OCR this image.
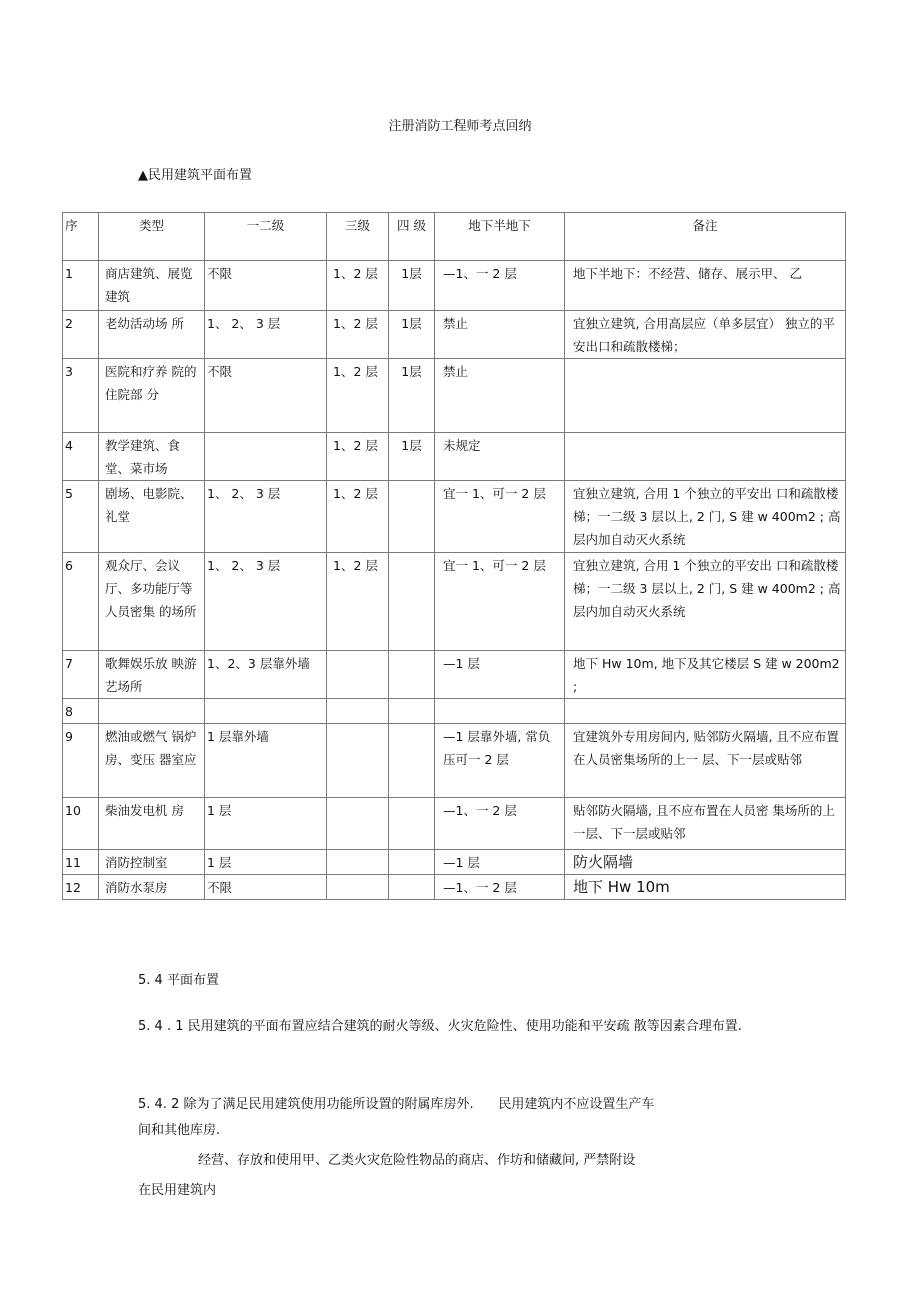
注册消防工程师考点回纳
▲民用建筑平面布置
序	类型	一二级	三级	四 级	地下半地下	备注
1	商店建筑、展览建筑	不限	1、2 层	1层	—1、一 2 层	地下半地下：不经营、储存、展示甲、 乙
2	老幼活动场 所	1、 2、 3 层	1、2 层	1层	禁止	宜独立建筑, 合用高层应（单多层宜） 独立的平安出口和疏散楼梯；
3	医院和疗养 院的住院部 分	不限	1、2 层	1层	禁止	
4	教学建筑、食堂、菜市场		1、2 层	1层	未规定	
5	剧场、电影院、礼堂	1、 2、 3 层	1、2 层		宜一 1、可一 2 层	宜独立建筑, 合用 1 个独立的平安出 口和疏散楼梯；一二级 3 层以上, 2 门, S 建 w 400m2 ; 高层内加自动灭火系统
6	观众厅、会议厅、多功能厅等人员密集 的场所	1、 2、 3 层	1、2 层		宜一 1、可一 2 层	宜独立建筑, 合用 1 个独立的平安出 口和疏散楼梯；一二级 3 层以上, 2 门, S 建 w 400m2 ; 高层内加自动灭火系统
7	歌舞娱乐放 映游艺场所	1、2、3 层靠外墙			—1 层	地下 Hw 10m, 地下及其它楼层 S 建 w 200m2 ;
8						
9	燃油或燃气 锅炉房、变压 器室应	1 层靠外墙			—1 层靠外墙, 常负压可一 2 层	宜建筑外专用房间内, 贴邻防火隔墙, 且不应布置在人员密集场所的上一 层、下一层或贴邻
10	柴油发电机 房	1 层			—1、一 2 层	贴邻防火隔墙, 且不应布置在人员密 集场所的上一层、下一层或贴邻
11	消防控制室	1 层			—1 层	防火隔墙
12	消防水泵房	不限			—1、一 2 层	地下 Hw 10m
5. 4 平面布置
5. 4 . 1 民用建筑的平面布置应结合建筑的耐火等级、火灾危险性、使用功能和平安疏 散等因素合理布置.
5. 4. 2 除为了满足民用建筑使用功能所设置的附属库房外.      民用建筑内不应设置生产车
间和其他库房.
经营、存放和使用甲、乙类火灾危险性物品的商店、作坊和储藏间, 严禁附设
在民用建筑内
